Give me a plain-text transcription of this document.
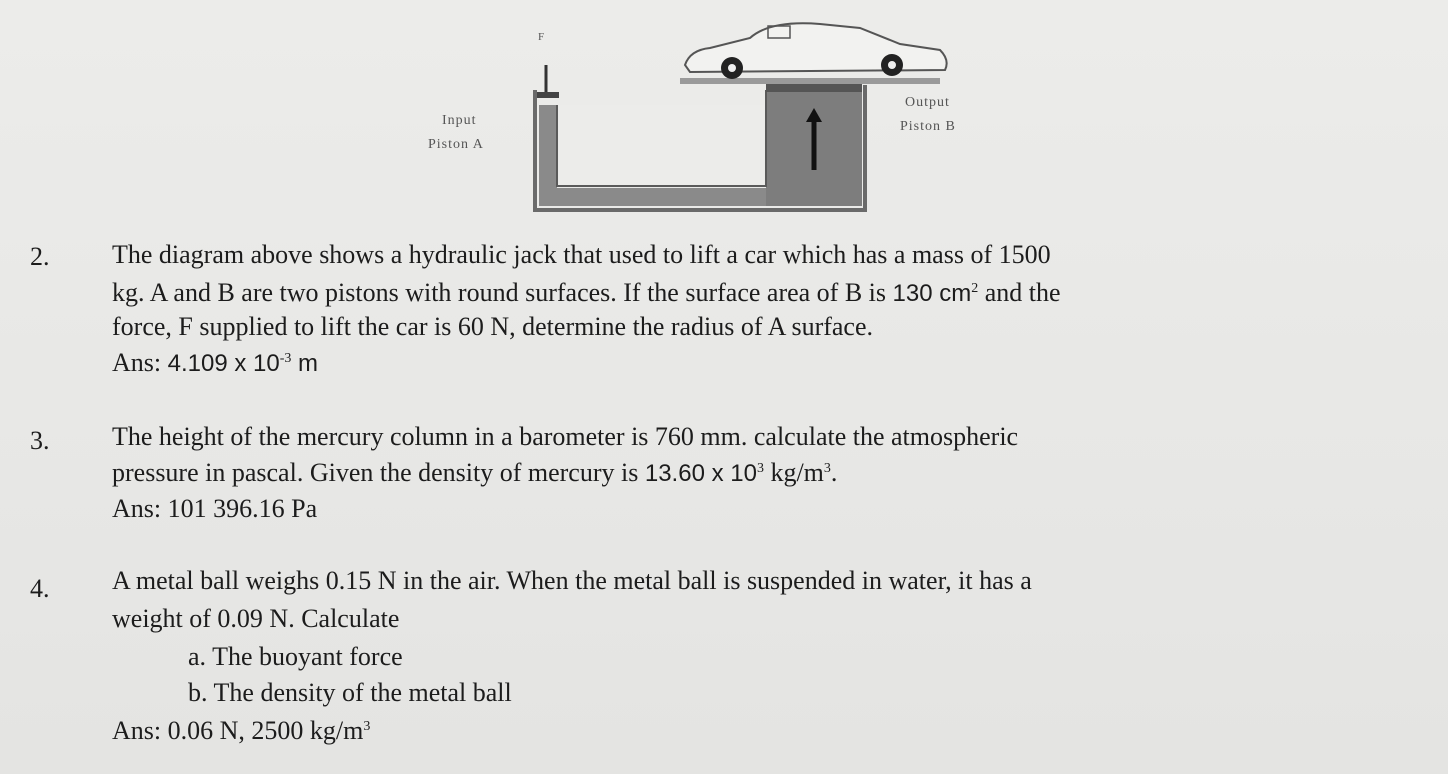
F
Input
Piston A
Output
Piston B
2. The diagram above shows a hydraulic jack that used to lift a car which has a mass of 1500
kg. A and B are two pistons with round surfaces. If the surface area of B is 130 $cm^2$ and the
force, F supplied to lift the car is 60 N, determine the radius of A surface.
Ans: 4.109 x $10^{-3}$ m
3. The height of the mercury column in a barometer is 760 mm. calculate the atmospheric
pressure in pascal. Given the density of mercury is 13.60 x $10^3$ $kg/m^3$.
Ans: 101 396.16 Pa
4. A metal ball weighs 0.15 N in the air. When the metal ball is suspended in water, it has a
weight of 0.09 N. Calculate
a. The buoyant force
b. The density of the metal ball
Ans: 0.06 N, 2500 $kg/m^3$
